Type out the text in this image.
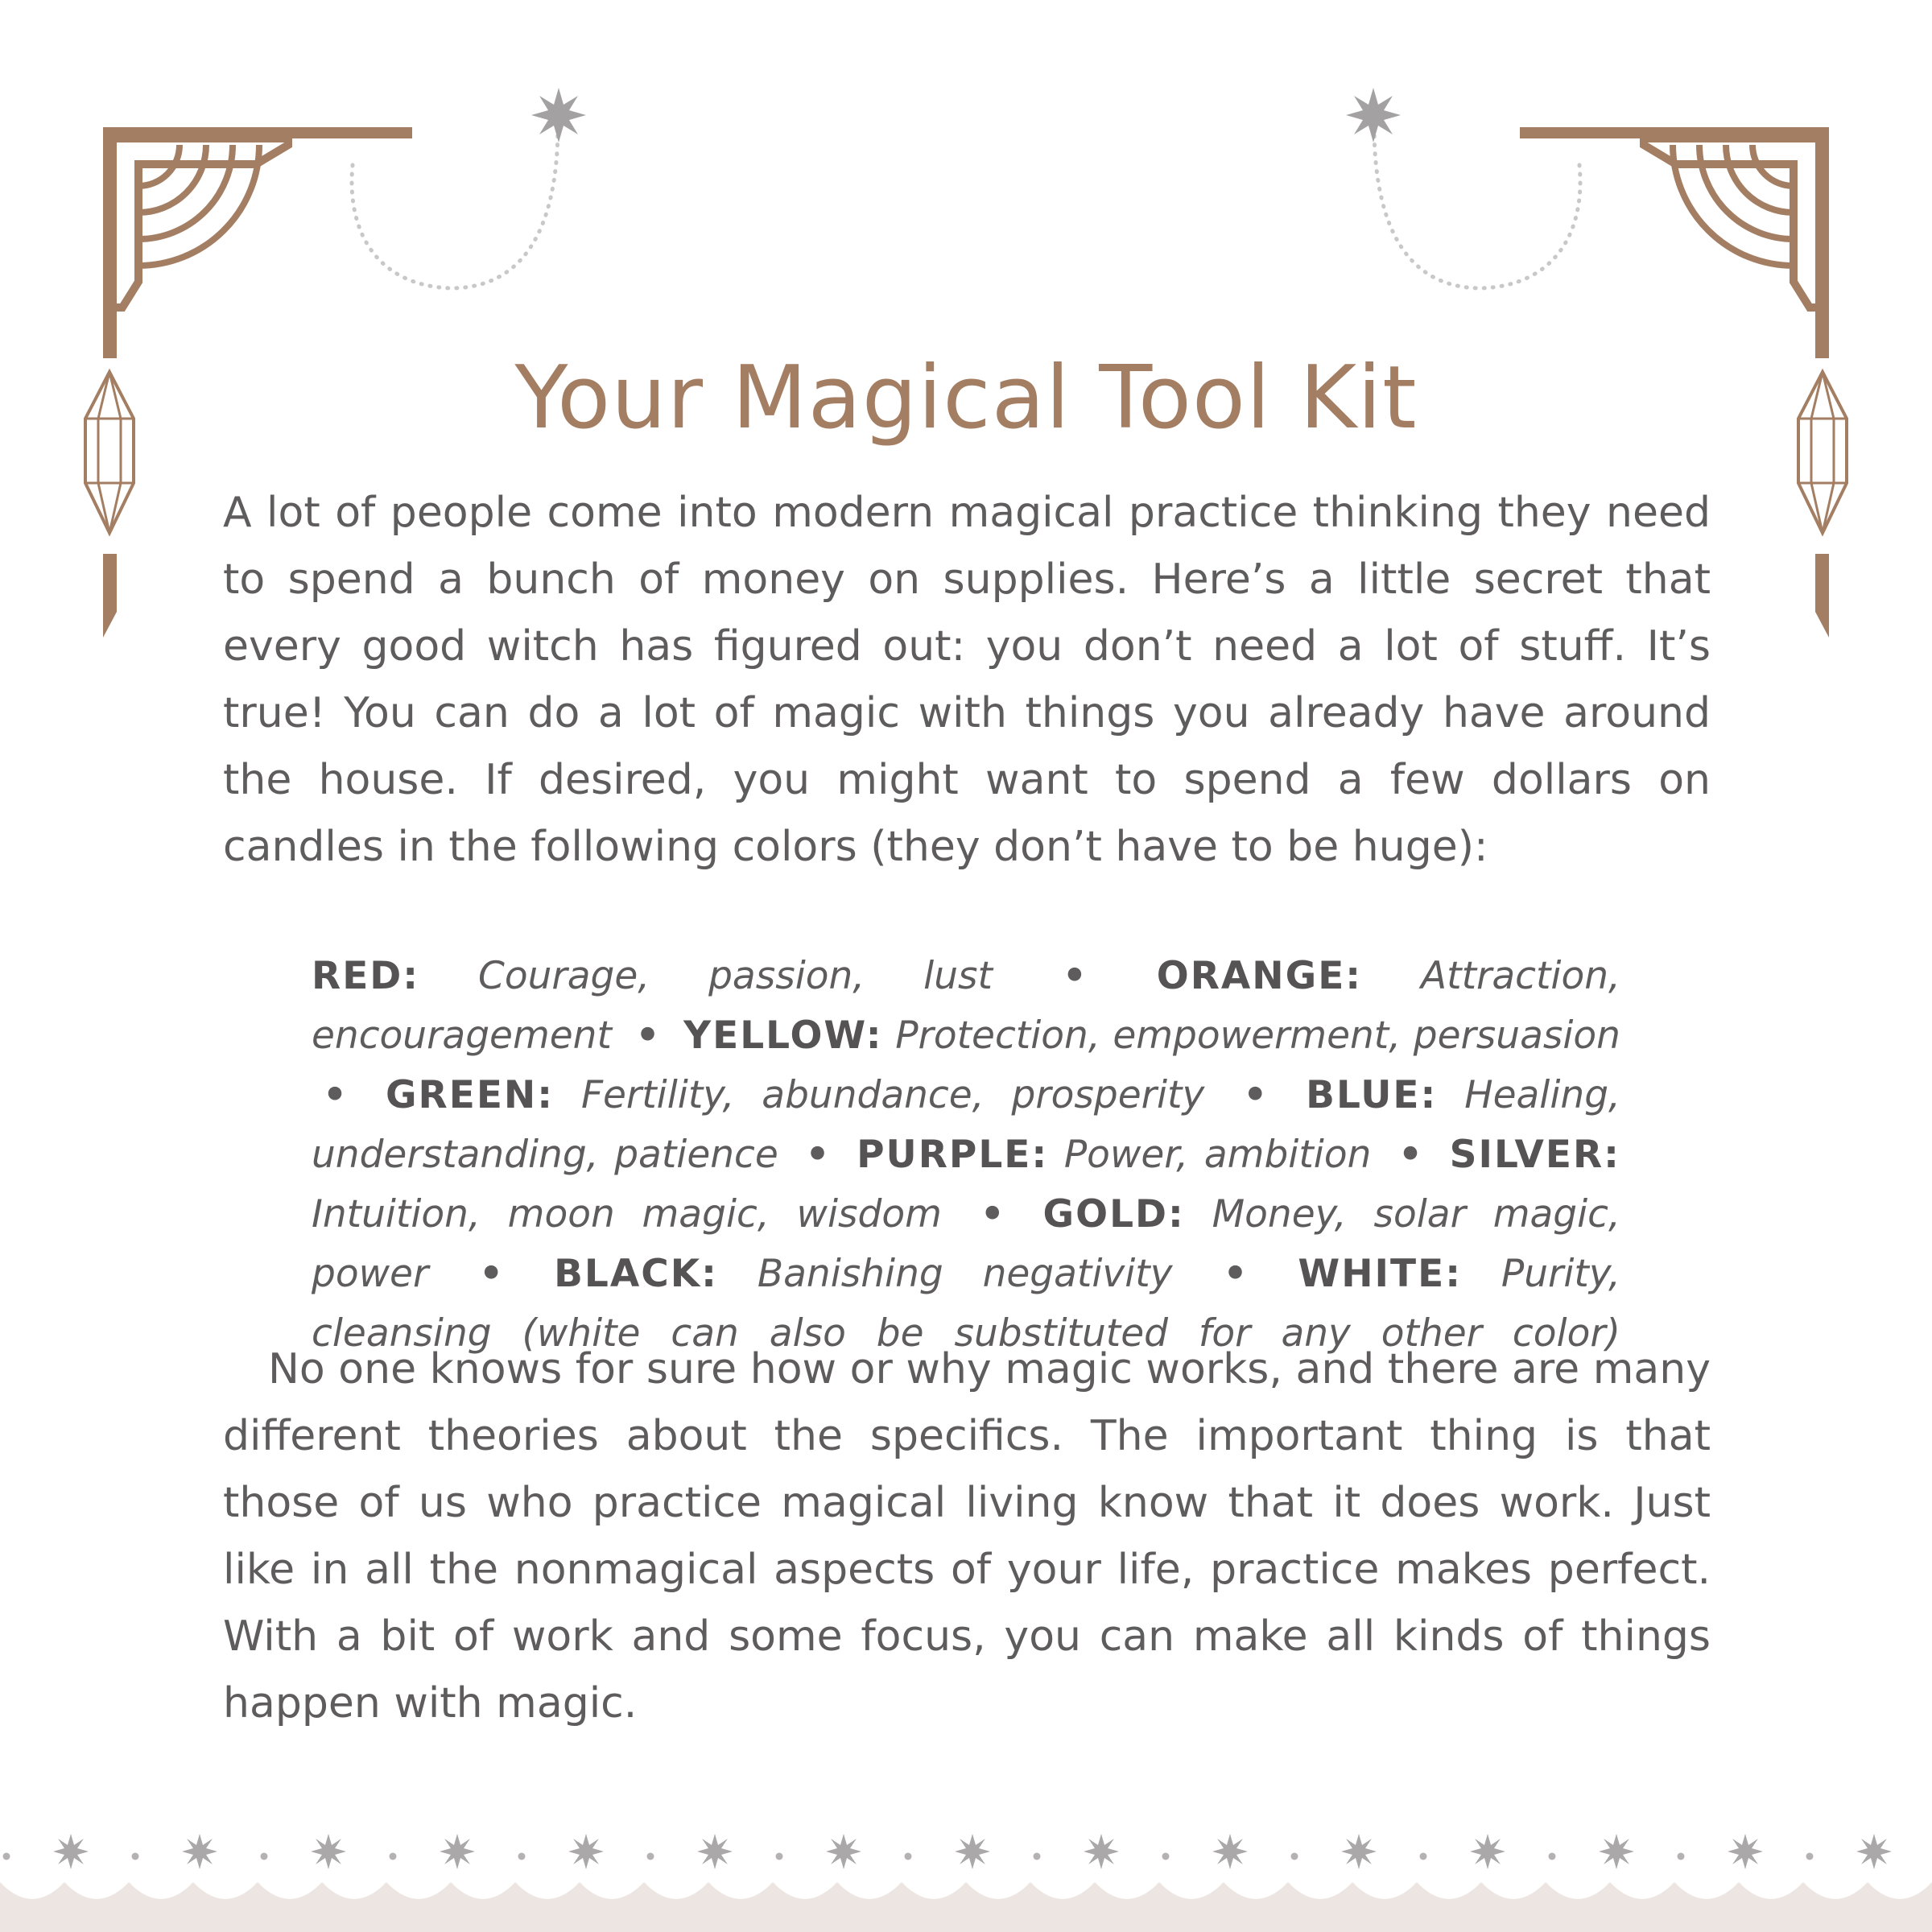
Your Magical Tool Kit

A lot of people come into modern magical practice thinking they need to spend a bunch of money on supplies. Here’s a little secret that every good witch has figured out: you don’t need a lot of stuff. It’s true! You can do a lot of magic with things you already have around the house. If desired, you might want to spend a few dollars on candles in the following colors (they don’t have to be huge):

RED: Courage, passion, lust • ORANGE: Attraction, encouragement • YELLOW: Protection, empowerment, persuasion • GREEN: Fertility, abundance, prosperity • BLUE: Healing, understanding, patience • PURPLE: Power, ambition • SILVER: Intuition, moon magic, wisdom • GOLD: Money, solar magic, power • BLACK: Banishing negativity • WHITE: Purity, cleansing (white can also be substituted for any other color)

No one knows for sure how or why magic works, and there are many different theories about the specifics. The important thing is that those of us who practice magical living know that it does work. Just like in all the nonmagical aspects of your life, practice makes perfect. With a bit of work and some focus, you can make all kinds of things happen with magic.
